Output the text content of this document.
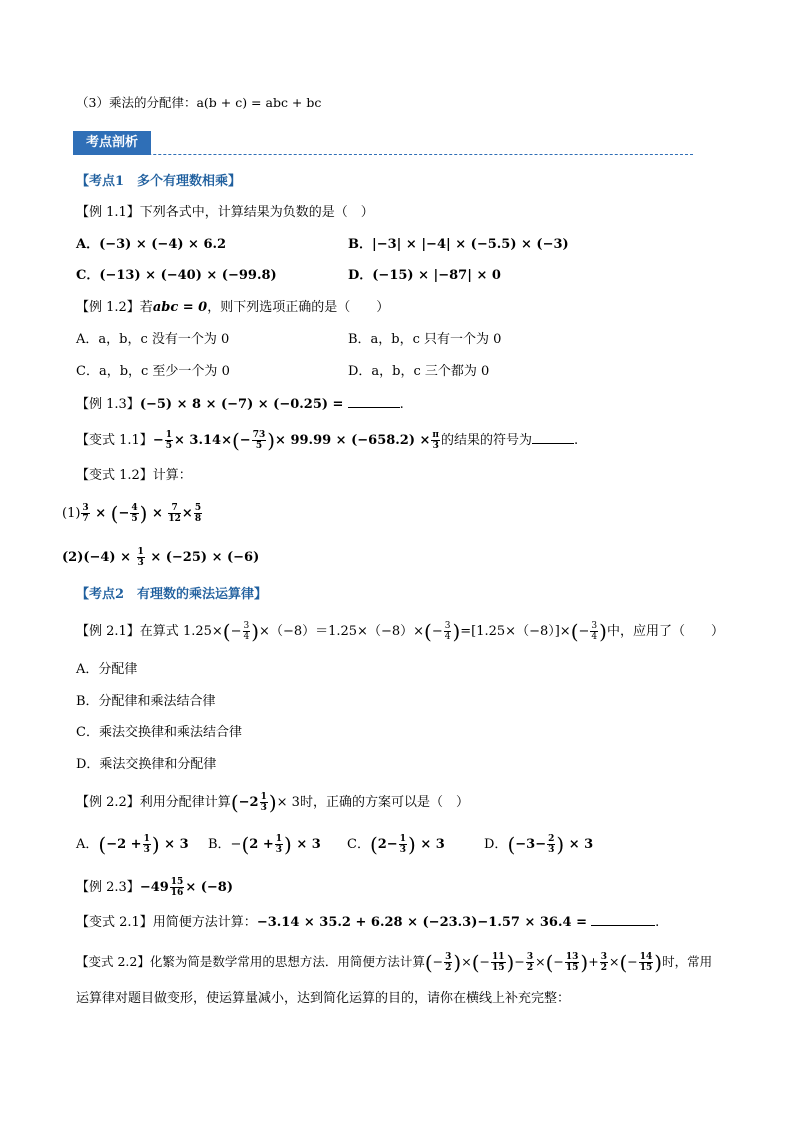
（3）乘法的分配律：a(b + c) = abc + bc
考点剖析
【考点1　多个有理数相乘】
【例 1.1】下列各式中，计算结果为负数的是（　）
A．(−3) × (−4) × 6.2	B．|−3| × |−4| × (−5.5) × (−3)
C．(−13) × (−40) × (−99.8)	D．(−15) × |−87| × 0
【例 1.2】若abc = 0，则下列选项正确的是（　　）
A．a，b，c 没有一个为 0	B．a，b，c 只有一个为 0
C．a，b，c 至少一个为 0	D．a，b，c 三个都为 0
【例 1.3】(−5) × 8 × (−7) × (−0.25) =	.
【变式 1.1】− $\frac{1}{5} \times 3.14\times(- \frac{73}{5}$ )× $99.99 \times (-658.2) \times \frac{\pi}{3}$ 的结果的符号为	.
【变式 1.2】计算：
$(1) \frac{3}{7}$ × (− $\frac{4}{5}$ ) × $\frac{7}{12} \times \frac{5}{8}$
$(2)(-4) \times \frac{1}{3} \times (-25) \times (-6)$
【考点2　有理数的乘法运算律】
【例 2.1】在算式 $1.25\times(- \frac{3}{4} )\times(-8)=1.25\times(-8)\times(- \frac{3}{4} )=[1.25\times(-8)]\times(- \frac{3}{4}$ )中，应用了（　　）
A．分配律
B．分配律和乘法结合律
C．乘法交换律和乘法结合律
D．乘法交换律和分配律
【例 2.2】利用分配律计算($-2 \frac{1}{3}$ )× 3时，正确的方案可以是（　）
A．($-2 + \frac{1}{3}$ ) × 3 B．$-(2 + \frac{1}{3}$ ) × 3 C．($2- \frac{1}{3}$ ) × 3	D．($-3- \frac{2}{3}$ ) × 3
【例 2.3】$-49 \frac{15}{16} \times (-8)$
【变式 2.1】用简便方法计算：−3.14 × 35.2 + 6.28 × (−23.3)−1.57 × 36.4 =	.
【变式 2.2】化繁为简是数学常用的思想方法．用简便方法计算(− $\frac{3}{2}$ )×(− $\frac{11}{15}$ )− $\frac{3}{2}$ ×(− $\frac{13}{15}$ )+ $\frac{3}{2}$ ×(− $\frac{14}{15}$ )时，常用
运算律对题目做变形，使运算量减小，达到简化运算的目的，请你在横线上补充完整：
